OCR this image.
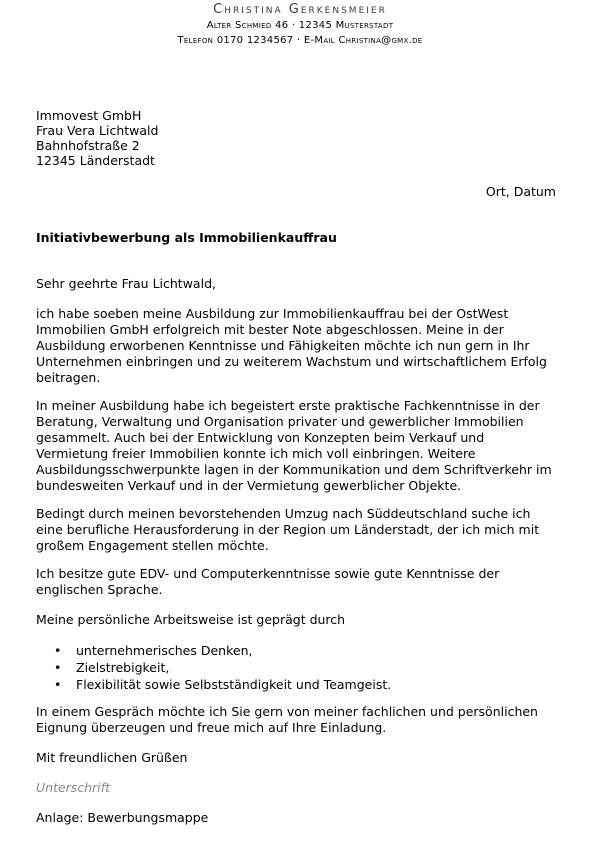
Christina Gerkensmeier
Alter Schmied 46 · 12345 Musterstadt
Telefon 0170 1234567 · E-Mail Christina@gmx.de

Immovest GmbH

Frau Vera Lichtwald

Bahnhofstraße 2

12345 Länderstadt

Ort, Datum
Initiativbewerbung als Immobilienkauffrau
Sehr geehrte Frau Lichtwald,
ich habe soeben meine Ausbildung zur Immobilienkauffrau bei der OstWest Immobilien GmbH erfolgreich mit bester Note abgeschlossen. Meine in der Ausbildung erworbenen Kenntnisse und Fähigkeiten möchte ich nun gern in Ihr Unternehmen einbringen und zu weiterem Wachstum und wirtschaftlichem Erfolg beitragen.
In meiner Ausbildung habe ich begeistert erste praktische Fachkenntnisse in der Beratung, Verwaltung und Organisation privater und gewerblicher Immobilien gesammelt. Auch bei der Entwicklung von Konzepten beim Verkauf und Vermietung freier Immobilien konnte ich mich voll einbringen. Weitere Ausbildungsschwerpunkte lagen in der Kommunikation und dem Schriftverkehr im bundesweiten Verkauf und in der Vermietung gewerblicher Objekte.
Bedingt durch meinen bevorstehenden Umzug nach Süddeutschland suche ich eine berufliche Herausforderung in der Region um Länderstadt, der ich mich mit großem Engagement stellen möchte.
Ich besitze gute EDV- und Computerkenntnisse sowie gute Kenntnisse der englischen Sprache.
Meine persönliche Arbeitsweise ist geprägt durch
• unternehmerisches Denken,
• Zielstrebigkeit,
• Flexibilität sowie Selbstständigkeit und Teamgeist.
In einem Gespräch möchte ich Sie gern von meiner fachlichen und persönlichen Eignung überzeugen und freue mich auf Ihre Einladung.
Mit freundlichen Grüßen
Unterschrift
Anlage: Bewerbungsmappe
